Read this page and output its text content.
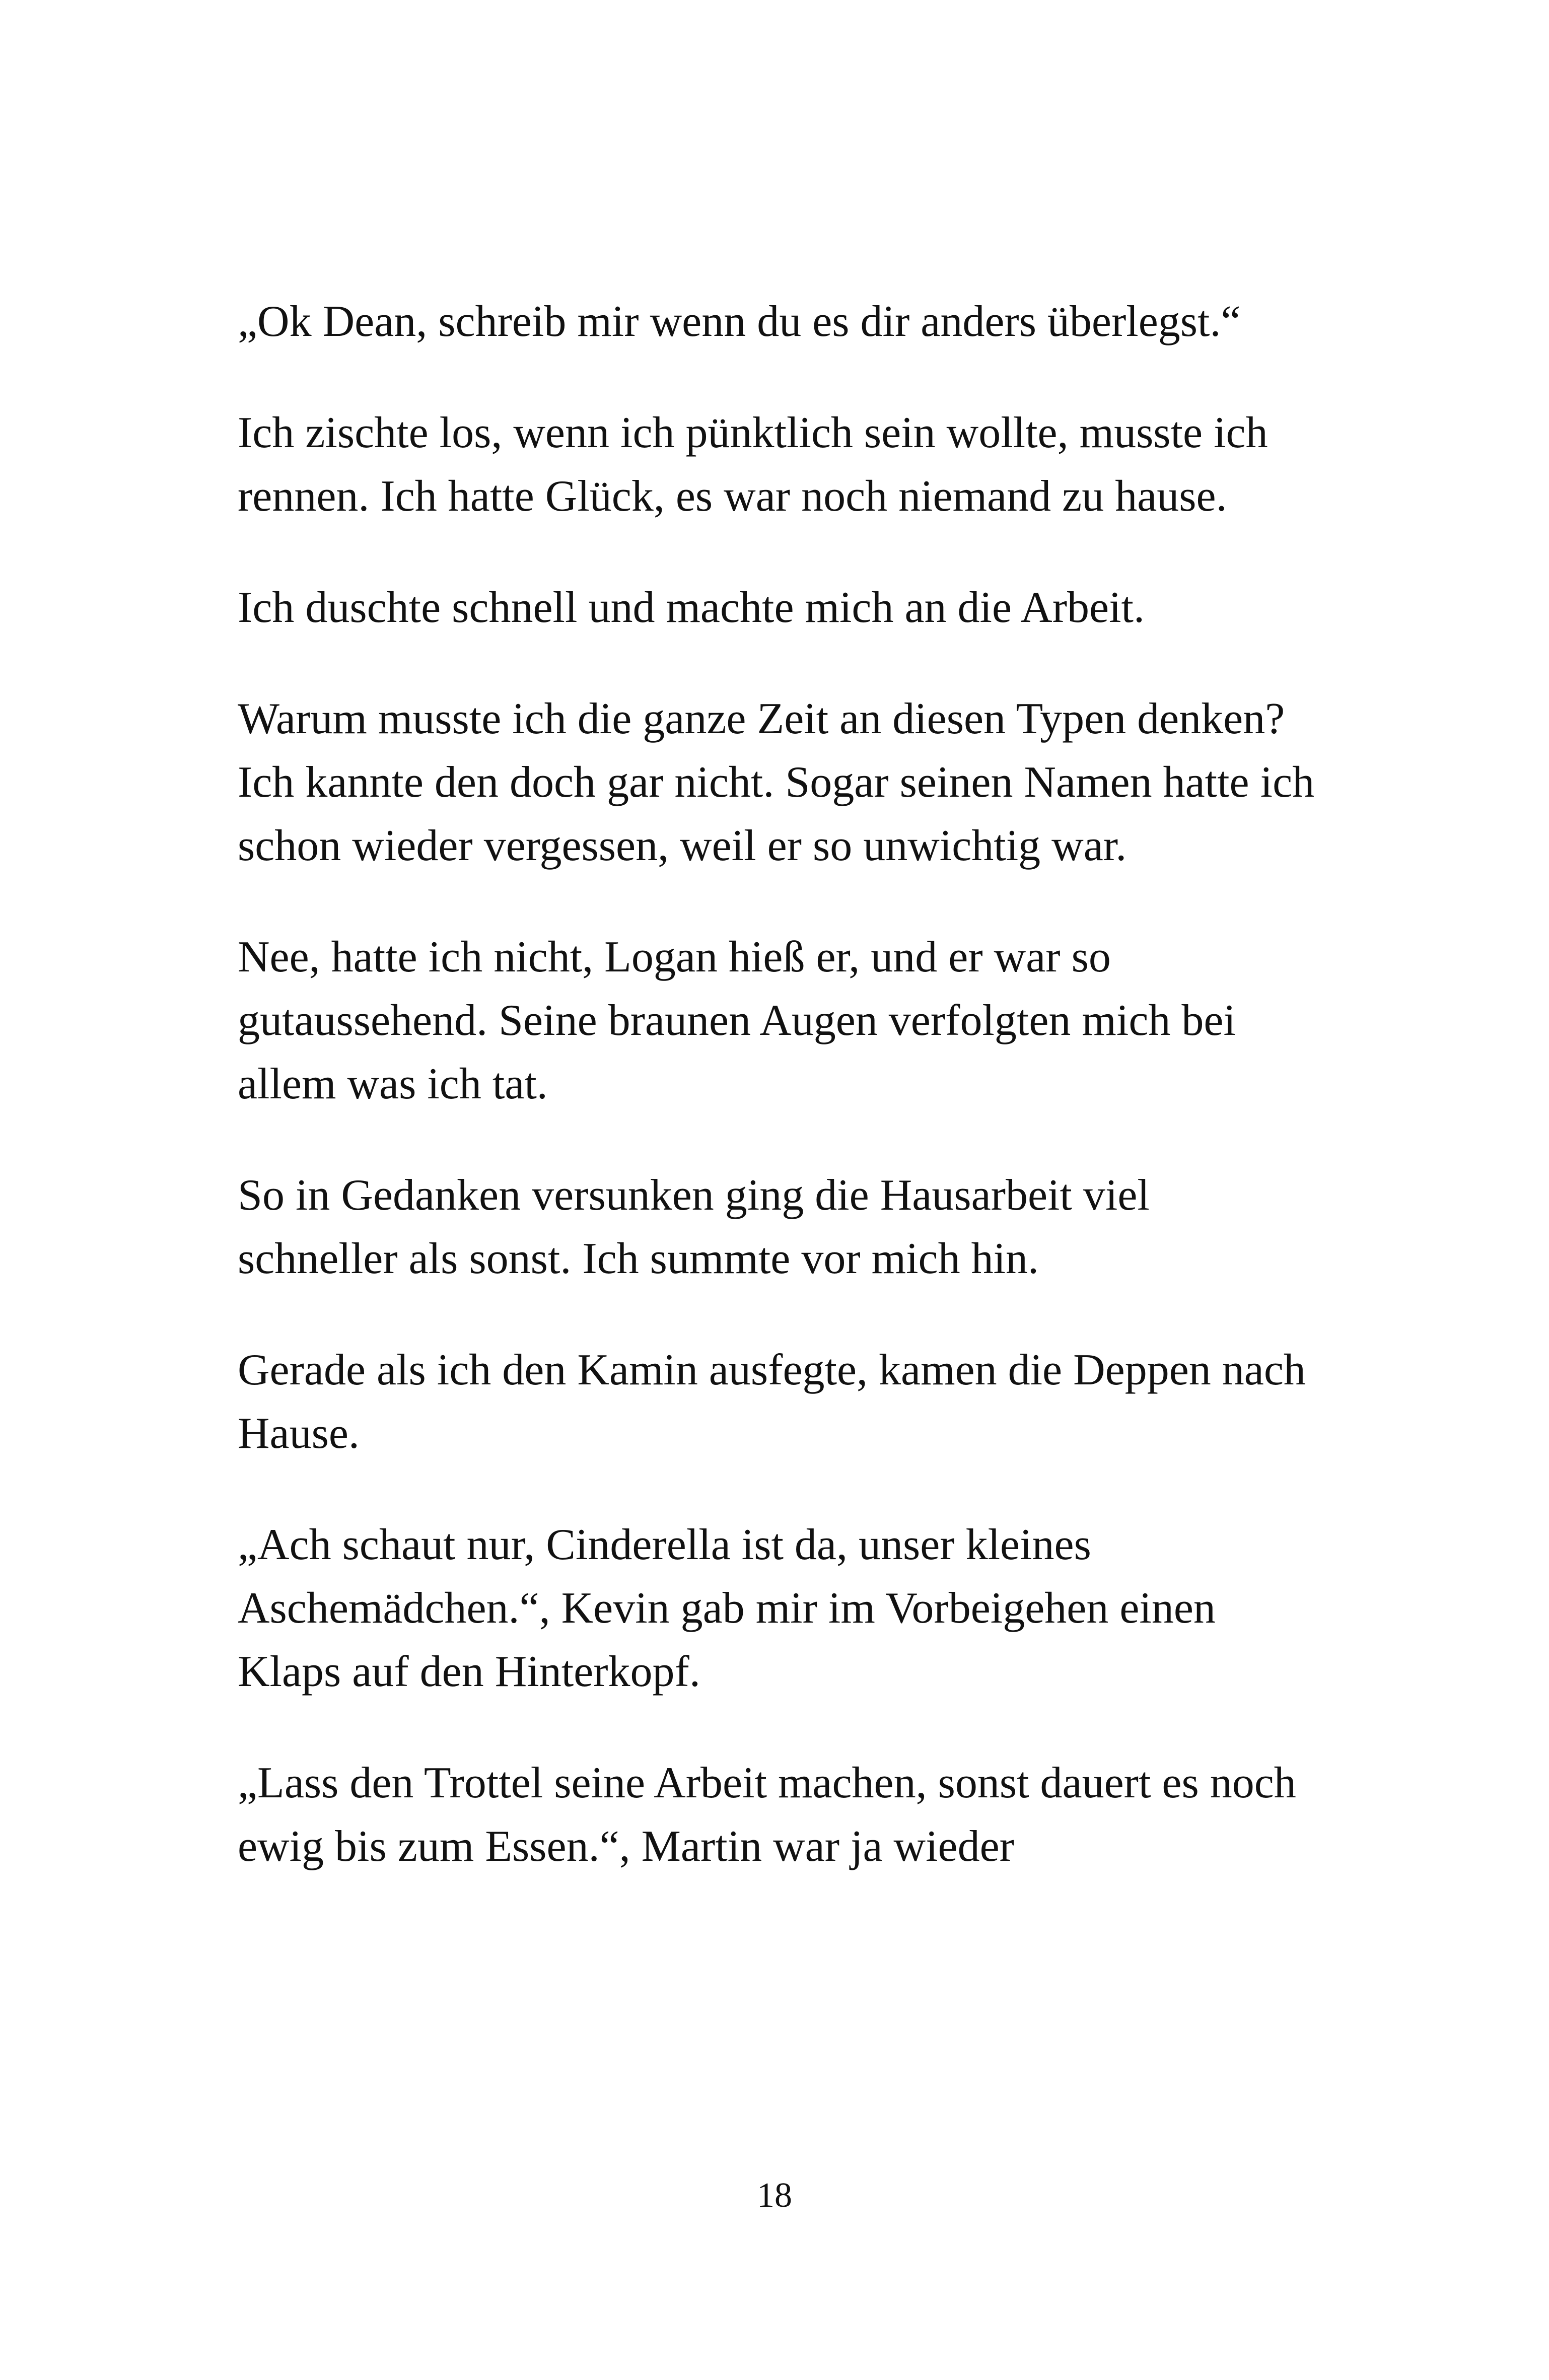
„Ok Dean, schreib mir wenn du es dir anders überlegst.“

Ich zischte los, wenn ich pünktlich sein wollte, musste ich rennen. Ich hatte Glück, es war noch niemand zu hause.

Ich duschte schnell und machte mich an die Arbeit.

Warum musste ich die ganze Zeit an diesen Typen denken? Ich kannte den doch gar nicht. Sogar seinen Namen hatte ich schon wieder vergessen, weil er so unwichtig war.

Nee, hatte ich nicht, Logan hieß er, und er war so gutaussehend. Seine braunen Augen verfolgten mich bei allem was ich tat.

So in Gedanken versunken ging die Hausarbeit viel schneller als sonst. Ich summte vor mich hin.

Gerade als ich den Kamin ausfegte, kamen die Deppen nach Hause.

„Ach schaut nur, Cinderella ist da, unser kleines Aschemädchen.“, Kevin gab mir im Vorbeigehen einen Klaps auf den Hinterkopf.

„Lass den Trottel seine Arbeit machen, sonst dauert es noch ewig bis zum Essen.“, Martin war ja wieder

18
